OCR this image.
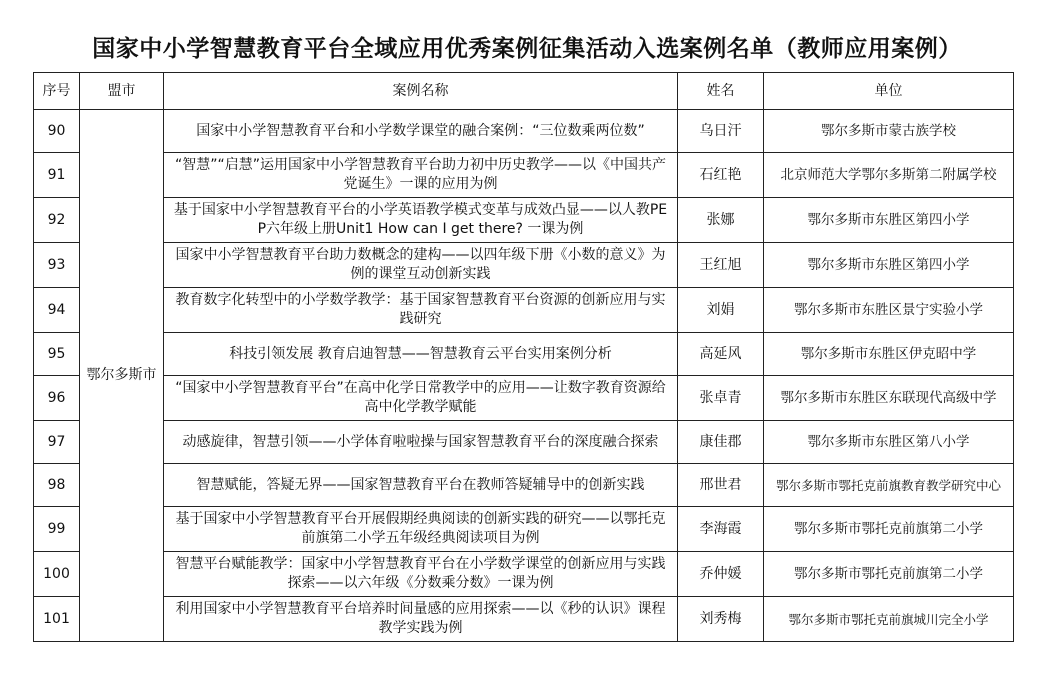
国家中小学智慧教育平台全域应用优秀案例征集活动入选案例名单（教师应用案例）
序号	盟市	案例名称	姓名	单位
90	鄂尔多斯市	国家中小学智慧教育平台和小学数学课堂的融合案例：“三位数乘两位数”	乌日汗	鄂尔多斯市蒙古族学校
91		“智慧”“启慧”运用国家中小学智慧教育平台助力初中历史教学——以《中国共产党诞生》一课的应用为例	石红艳	北京师范大学鄂尔多斯第二附属学校
92		基于国家中小学智慧教育平台的小学英语教学模式变革与成效凸显——以人教PEP六年级上册Unit1 How can I get there? 一课为例	张娜	鄂尔多斯市东胜区第四小学
93		国家中小学智慧教育平台助力数概念的建构——以四年级下册《小数的意义》为例的课堂互动创新实践	王红旭	鄂尔多斯市东胜区第四小学
94		教育数字化转型中的小学数学教学：基于国家智慧教育平台资源的创新应用与实践研究	刘娟	鄂尔多斯市东胜区景宁实验小学
95		科技引领发展 教育启迪智慧——智慧教育云平台实用案例分析	高延风	鄂尔多斯市东胜区伊克昭中学
96		“国家中小学智慧教育平台”在高中化学日常教学中的应用——让数字教育资源给高中化学教学赋能	张卓青	鄂尔多斯市东胜区东联现代高级中学
97		动感旋律，智慧引领——小学体育啦啦操与国家智慧教育平台的深度融合探索	康佳郡	鄂尔多斯市东胜区第八小学
98		智慧赋能，答疑无界——国家智慧教育平台在教师答疑辅导中的创新实践	邢世君	鄂尔多斯市鄂托克前旗教育教学研究中心
99		基于国家中小学智慧教育平台开展假期经典阅读的创新实践的研究——以鄂托克前旗第二小学五年级经典阅读项目为例	李海霞	鄂尔多斯市鄂托克前旗第二小学
100		智慧平台赋能教学：国家中小学智慧教育平台在小学数学课堂的创新应用与实践探索——以六年级《分数乘分数》一课为例	乔仲媛	鄂尔多斯市鄂托克前旗第二小学
101		利用国家中小学智慧教育平台培养时间量感的应用探索——以《秒的认识》课程教学实践为例	刘秀梅	鄂尔多斯市鄂托克前旗城川完全小学
